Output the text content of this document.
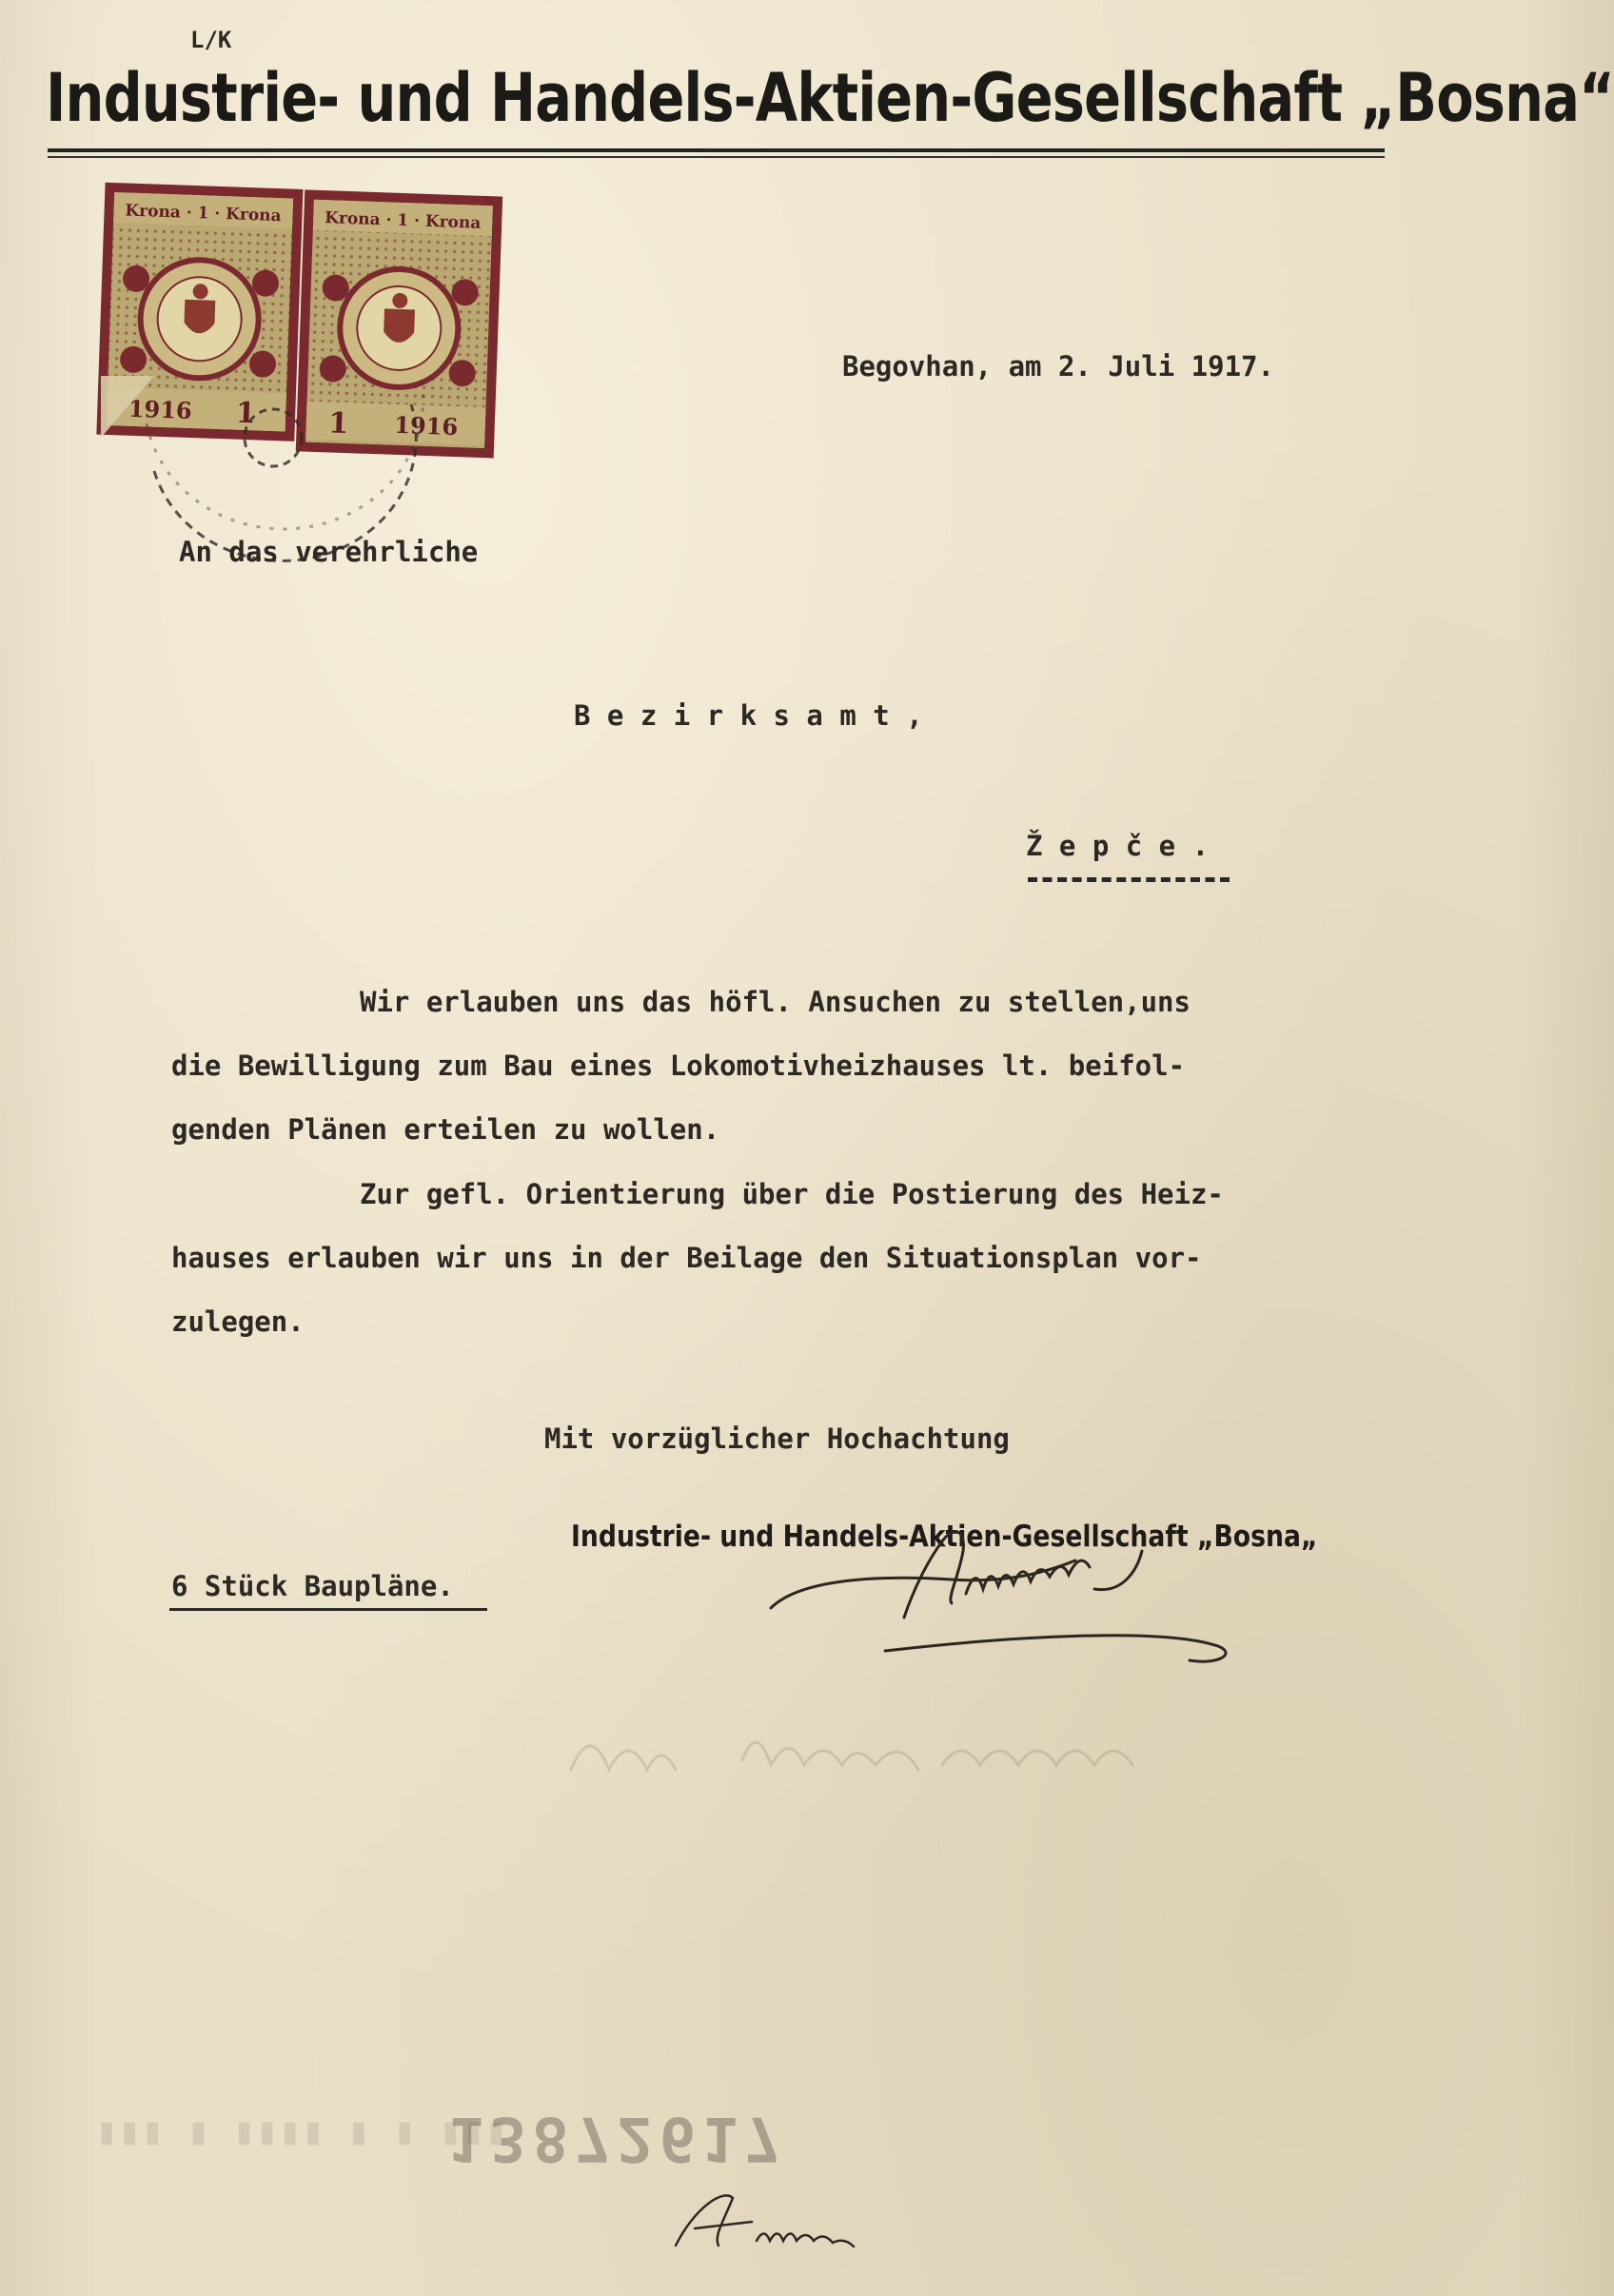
L/K
Industrie- und Handels-Aktien-Gesellschaft „Bosna“
Krona · 1 · Krona
1916 1
Krona · 1 · Krona
1 1916
Begovhan, am 2. Juli 1917.
An das verehrliche
B e z i r k s a m t ,
Ž e p č e .
Wir erlauben uns das höfl. Ansuchen zu stellen,uns
die Bewilligung zum Bau eines Lokomotivheizhauses lt. beifol-
genden Plänen erteilen zu wollen.
Zur gefl. Orientierung über die Postierung des Heiz-
hauses erlauben wir uns in der Beilage den Situationsplan vor-
zulegen.
Mit vorzüglicher Hochachtung
Industrie- und Handels-Aktien-Gesellschaft „Bosna„
6 Stück Baupläne.
▮▮▮ ▮ ▮▮▮▮ ▮ ▮ ▮▮▮
13872617
